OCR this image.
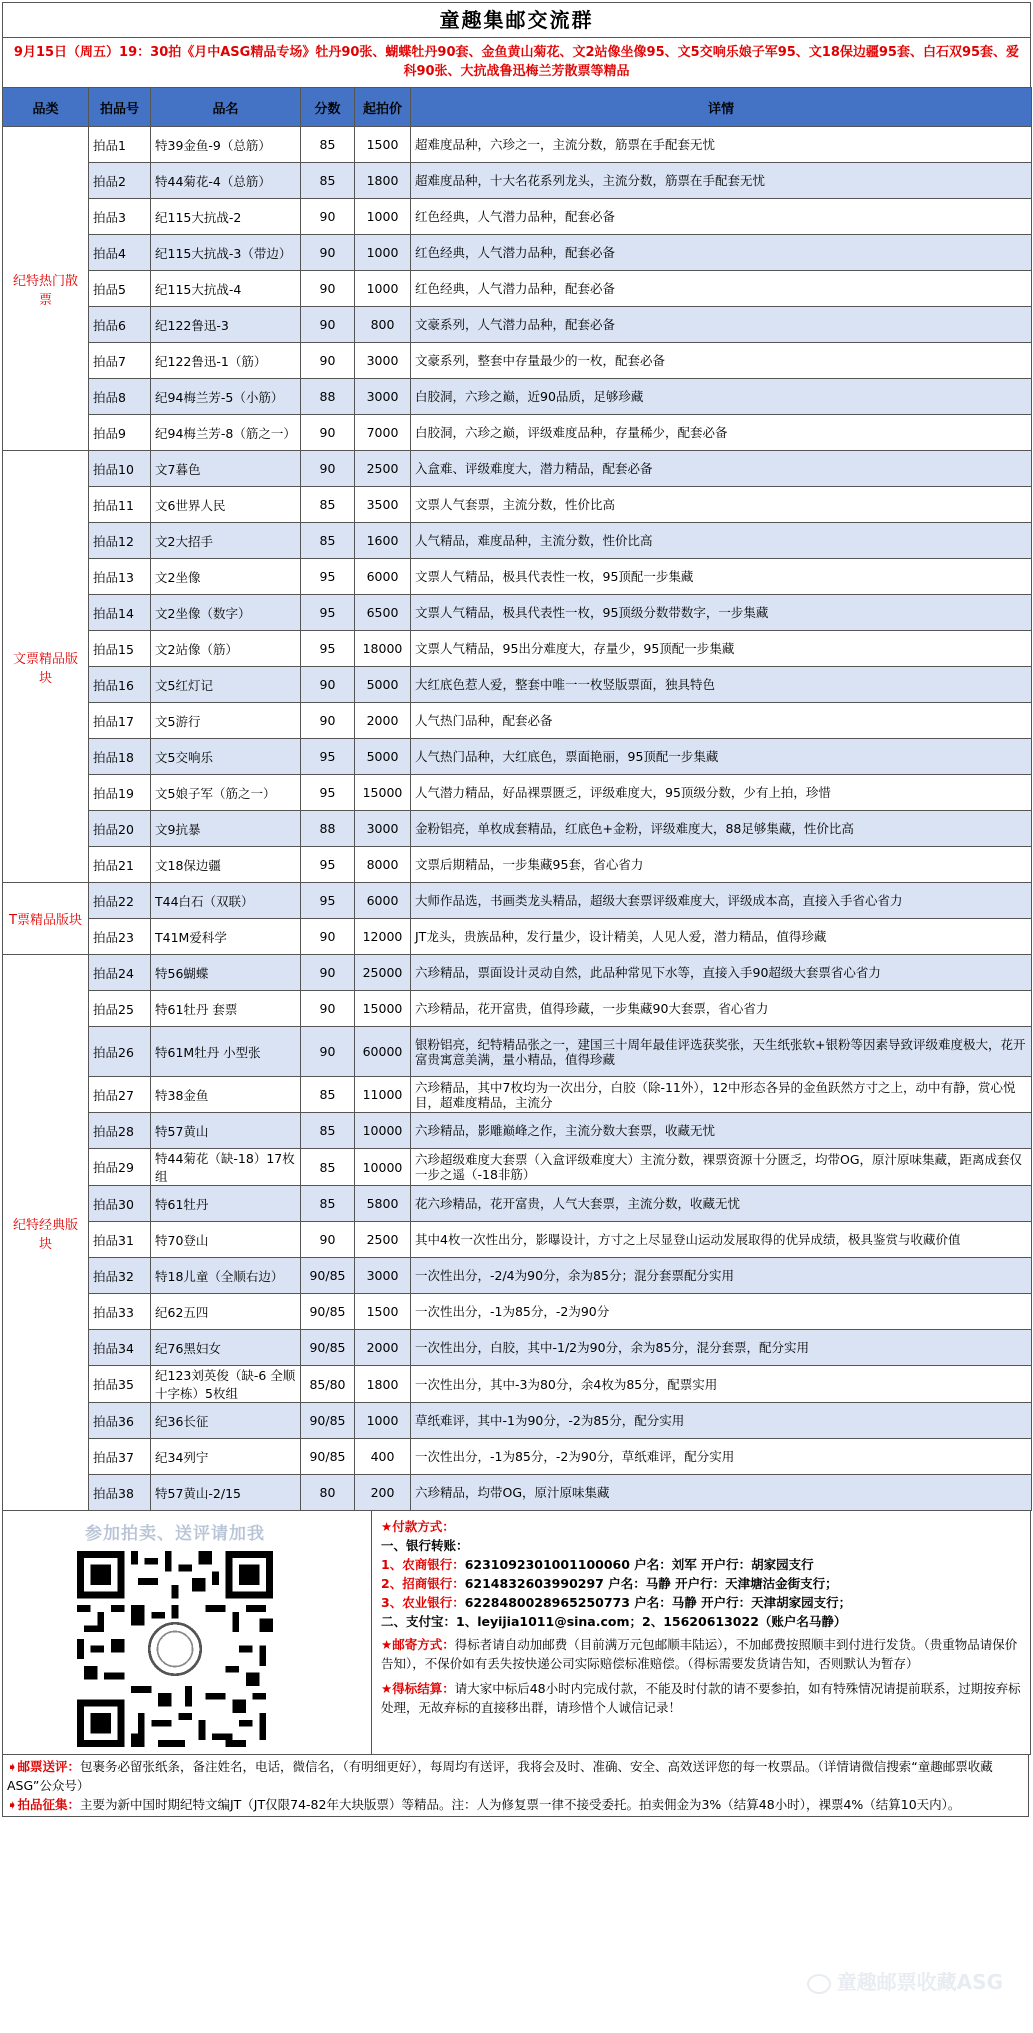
童趣集邮交流群
9月15日（周五）19：30拍《月中ASG精品专场》牡丹90张、蝴蝶牡丹90套、金鱼黄山菊花、文2站像坐像95、文5交响乐娘子军95、文18保边疆95套、白石双95套、爱科90张、大抗战鲁迅梅兰芳散票等精品
品类	拍品号	品名	分数	起拍价	详情
纪特热门散票	拍品1	特39金鱼-9（总筋）	85	1500	超难度品种，六珍之一，主流分数，筋票在手配套无忧
	拍品2	特44菊花-4（总筋）	85	1800	超难度品种，十大名花系列龙头，主流分数，筋票在手配套无忧
	拍品3	纪115大抗战-2	90	1000	红色经典，人气潜力品种，配套必备
	拍品4	纪115大抗战-3（带边）	90	1000	红色经典，人气潜力品种，配套必备
	拍品5	纪115大抗战-4	90	1000	红色经典，人气潜力品种，配套必备
	拍品6	纪122鲁迅-3	90	800	文豪系列，人气潜力品种，配套必备
	拍品7	纪122鲁迅-1（筋）	90	3000	文豪系列，整套中存量最少的一枚，配套必备
	拍品8	纪94梅兰芳-5（小筋）	88	3000	白胶洞，六珍之巅，近90品质，足够珍藏
	拍品9	纪94梅兰芳-8（筋之一）	90	7000	白胶洞，六珍之巅，评级难度品种，存量稀少，配套必备
文票精品版块	拍品10	文7暮色	90	2500	入盒难、评级难度大，潜力精品，配套必备
	拍品11	文6世界人民	85	3500	文票人气套票，主流分数，性价比高
	拍品12	文2大招手	85	1600	人气精品，难度品种，主流分数，性价比高
	拍品13	文2坐像	95	6000	文票人气精品，极具代表性一枚，95顶配一步集藏
	拍品14	文2坐像（数字）	95	6500	文票人气精品，极具代表性一枚，95顶级分数带数字，一步集藏
	拍品15	文2站像（筋）	95	18000	文票人气精品，95出分难度大，存量少，95顶配一步集藏
	拍品16	文5红灯记	90	5000	大红底色惹人爱，整套中唯一一枚竖版票面，独具特色
	拍品17	文5游行	90	2000	人气热门品种，配套必备
	拍品18	文5交响乐	95	5000	人气热门品种，大红底色，票面艳丽，95顶配一步集藏
	拍品19	文5娘子军（筋之一）	95	15000	人气潜力精品，好品裸票匮乏，评级难度大，95顶级分数，少有上拍，珍惜
	拍品20	文9抗暴	88	3000	金粉铝亮，单枚成套精品，红底色+金粉，评级难度大，88足够集藏，性价比高
	拍品21	文18保边疆	95	8000	文票后期精品，一步集藏95套，省心省力
T票精品版块	拍品22	T44白石（双联）	95	6000	大师作品选，书画类龙头精品，超级大套票评级难度大，评级成本高，直接入手省心省力
	拍品23	T41M爱科学	90	12000	JT龙头，贵族品种，发行量少，设计精美，人见人爱，潜力精品，值得珍藏
纪特经典版块	拍品24	特56蝴蝶	90	25000	六珍精品，票面设计灵动自然，此品种常见下水等，直接入手90超级大套票省心省力
	拍品25	特61牡丹 套票	90	15000	六珍精品，花开富贵，值得珍藏，一步集藏90大套票，省心省力
	拍品26	特61M牡丹 小型张	90	60000	银粉铝亮，纪特精品张之一，建国三十周年最佳评选获奖张，天生纸张软+银粉等因素导致评级难度极大，花开富贵寓意美满，量小精品，值得珍藏
	拍品27	特38金鱼	85	11000	六珍精品，其中7枚均为一次出分，白胶（除-11外），12中形态各异的金鱼跃然方寸之上，动中有静，赏心悦目，超难度精品，主流分
	拍品28	特57黄山	85	10000	六珍精品，影雕巅峰之作，主流分数大套票，收藏无忧
	拍品29	特44菊花（缺-18）17枚组	85	10000	六珍超级难度大套票（入盒评级难度大）主流分数，裸票资源十分匮乏，均带OG，原汁原味集藏，距离成套仅一步之遥（-18非筋）
	拍品30	特61牡丹	85	5800	花六珍精品，花开富贵，人气大套票，主流分数，收藏无忧
	拍品31	特70登山	90	2500	其中4枚一次性出分，影曝设计，方寸之上尽显登山运动发展取得的优异成绩，极具鉴赏与收藏价值
	拍品32	特18儿童（全顺右边）	90/85	3000	一次性出分，-2/4为90分，余为85分；混分套票配分实用
	拍品33	纪62五四	90/85	1500	一次性出分，-1为85分，-2为90分
	拍品34	纪76黑妇女	90/85	2000	一次性出分，白胶，其中-1/2为90分，余为85分，混分套票，配分实用
	拍品35	纪123刘英俊（缺-6 全顺十字栋）5枚组	85/80	1800	一次性出分，其中-3为80分，余4枚为85分，配票实用
	拍品36	纪36长征	90/85	1000	草纸难评，其中-1为90分，-2为85分，配分实用
	拍品37	纪34列宁	90/85	400	一次性出分，-1为85分，-2为90分，草纸难评，配分实用
	拍品38	特57黄山-2/15	80	200	六珍精品，均带OG，原汁原味集藏
参加拍卖、送评请加我	★付款方式：
一、银行转账：
1、农商银行：6231092301001100060 户名：刘军 开户行：胡家园支行
2、招商银行：6214832603990297 户名：马静 开户行：天津塘沽金街支行；
3、农业银行：6228480028965250773 户名：马静 开户行：天津胡家园支行；
二、支付宝：1、leyijia1011@sina.com；2、15620613022（账户名马静）
★邮寄方式：得标者请自动加邮费（目前满万元包邮顺丰陆运），不加邮费按照顺丰到付进行发货。（贵重物品请保价告知），不保价如有丢失按快递公司实际赔偿标准赔偿。（得标需要发货请告知，否则默认为暂存）
★得标结算：请大家中标后48小时内完成付款，不能及时付款的请不要参拍，如有特殊情况请提前联系，过期按弃标处理，无故弃标的直接移出群，请珍惜个人诚信记录！

➧邮票送评：包裹务必留张纸条，备注姓名，电话，微信名，（有明细更好），每周均有送评，我将会及时、准确、安全、高效送评您的每一枚票品。（详情请微信搜索“童趣邮票收藏ASG”公众号）

➧拍品征集：主要为新中国时期纪特文编JT（JT仅限74-82年大块版票）等精品。注：人为修复票一律不接受委托。拍卖佣金为3%（结算48小时），裸票4%（结算10天内）。

童趣邮票收藏ASG
